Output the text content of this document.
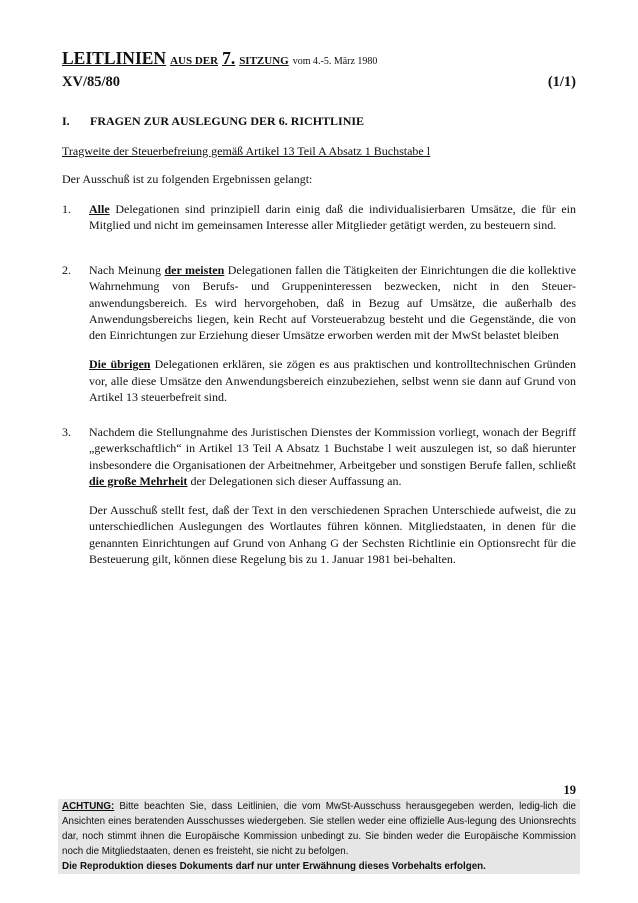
LEITLINIEN AUS DER 7. SITZUNG vom 4.-5. März 1980
XV/85/80	(1/1)
I. FRAGEN ZUR AUSLEGUNG DER 6. RICHTLINIE
Tragweite der Steuerbefreiung gemäß Artikel 13 Teil A Absatz 1 Buchstabe l
Der Ausschuß ist zu folgenden Ergebnissen gelangt:
1. Alle Delegationen sind prinzipiell darin einig daß die individualisierbaren Umsätze, die für ein Mitglied und nicht im gemeinsamen Interesse aller Mitglieder getätigt werden, zu besteuern sind.

2. Nach Meinung der meisten Delegationen fallen die Tätigkeiten der Einrichtungen die die kollektive Wahrnehmung von Berufs- und Gruppeninteressen bezwecken, nicht in den Steuer-anwendungsbereich. Es wird hervorgehoben, daß in Bezug auf Umsätze, die außerhalb des Anwendungsbereichs liegen, kein Recht auf Vorsteuerabzug besteht und die Gegenstände, die von den Einrichtungen zur Erziehung dieser Umsätze erworben werden mit der MwSt belastet bleiben

Die übrigen Delegationen erklären, sie zögen es aus praktischen und kontrolltechnischen Gründen vor, alle diese Umsätze den Anwendungsbereich einzubeziehen, selbst wenn sie dann auf Grund von Artikel 13 steuerbefreit sind.

3. Nachdem die Stellungnahme des Juristischen Dienstes der Kommission vorliegt, wonach der Begriff „gewerkschaftlich“ in Artikel 13 Teil A Absatz 1 Buchstabe l weit auszulegen ist, so daß hierunter insbesondere die Organisationen der Arbeitnehmer, Arbeitgeber und sonstigen Berufe fallen, schließt die große Mehrheit der Delegationen sich dieser Auffassung an.

Der Ausschuß stellt fest, daß der Text in den verschiedenen Sprachen Unterschiede aufweist, die zu unterschiedlichen Auslegungen des Wortlautes führen können. Mitgliedstaaten, in denen für die genannten Einrichtungen auf Grund von Anhang G der Sechsten Richtlinie ein Optionsrecht für die Besteuerung gilt, können diese Regelung bis zu 1. Januar 1981 bei-behalten.

19

ACHTUNG: Bitte beachten Sie, dass Leitlinien, die vom MwSt-Ausschuss herausgegeben werden, ledig-lich die Ansichten eines beratenden Ausschusses wiedergeben. Sie stellen weder eine offizielle Aus-legung des Unionsrechts dar, noch stimmt ihnen die Europäische Kommission unbedingt zu. Sie binden weder die Europäische Kommission noch die Mitgliedstaaten, denen es freisteht, sie nicht zu befolgen.

Die Reproduktion dieses Dokuments darf nur unter Erwähnung dieses Vorbehalts erfolgen.
